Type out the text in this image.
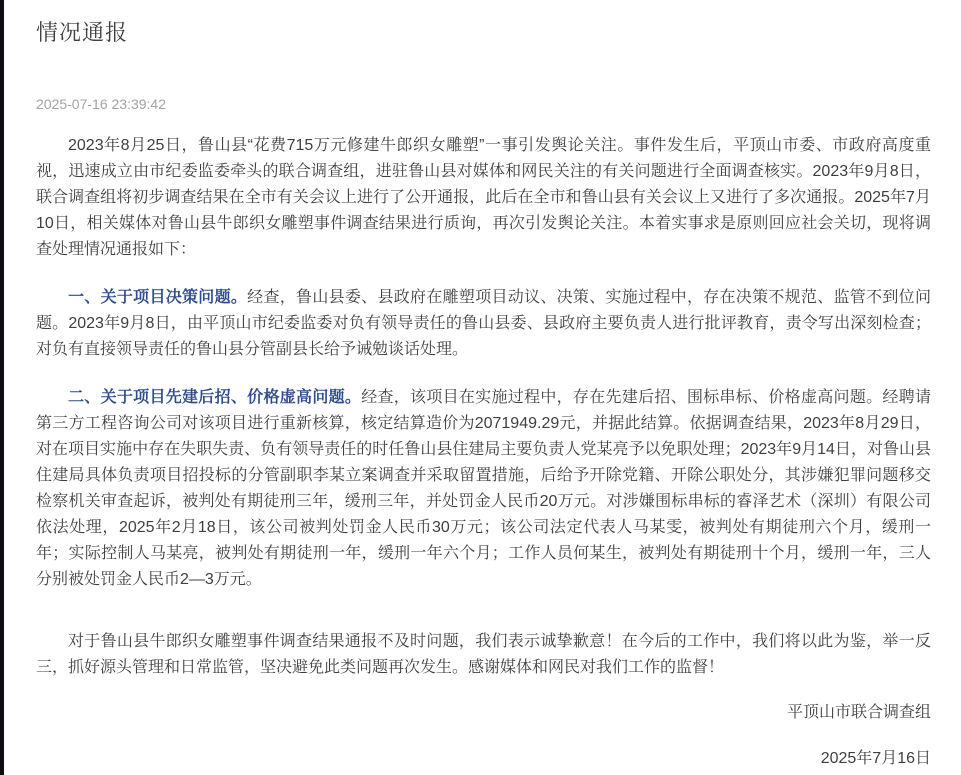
情况通报
2025-07-16 23:39:42

2023年8月25日，鲁山县“花费715万元修建牛郎织女雕塑”一事引发舆论关注。事件发生后，平顶山市委、市政府高度重视，迅速成立由市纪委监委牵头的联合调查组，进驻鲁山县对媒体和网民关注的有关问题进行全面调查核实。2023年9月8日，联合调查组将初步调查结果在全市有关会议上进行了公开通报，此后在全市和鲁山县有关会议上又进行了多次通报。2025年7月10日，相关媒体对鲁山县牛郎织女雕塑事件调查结果进行质询，再次引发舆论关注。本着实事求是原则回应社会关切，现将调查处理情况通报如下：

一、关于项目决策问题。经查，鲁山县委、县政府在雕塑项目动议、决策、实施过程中，存在决策不规范、监管不到位问题。2023年9月8日，由平顶山市纪委监委对负有领导责任的鲁山县委、县政府主要负责人进行批评教育，责令写出深刻检查；对负有直接领导责任的鲁山县分管副县长给予诫勉谈话处理。

二、关于项目先建后招、价格虚高问题。经查，该项目在实施过程中，存在先建后招、围标串标、价格虚高问题。经聘请第三方工程咨询公司对该项目进行重新核算，核定结算造价为2071949.29元，并据此结算。依据调查结果，2023年8月29日，对在项目实施中存在失职失责、负有领导责任的时任鲁山县住建局主要负责人党某亮予以免职处理；2023年9月14日，对鲁山县住建局具体负责项目招投标的分管副职李某立案调查并采取留置措施，后给予开除党籍、开除公职处分，其涉嫌犯罪问题移交检察机关审查起诉，被判处有期徒刑三年，缓刑三年，并处罚金人民币20万元。对涉嫌围标串标的睿泽艺术（深圳）有限公司依法处理，2025年2月18日，该公司被判处罚金人民币30万元；该公司法定代表人马某雯，被判处有期徒刑六个月，缓刑一年；实际控制人马某亮，被判处有期徒刑一年，缓刑一年六个月；工作人员何某生，被判处有期徒刑十个月，缓刑一年，三人分别被处罚金人民币2—3万元。

对于鲁山县牛郎织女雕塑事件调查结果通报不及时问题，我们表示诚挚歉意！在今后的工作中，我们将以此为鉴，举一反三，抓好源头管理和日常监管，坚决避免此类问题再次发生。感谢媒体和网民对我们工作的监督！

平顶山市联合调查组
2025年7月16日
